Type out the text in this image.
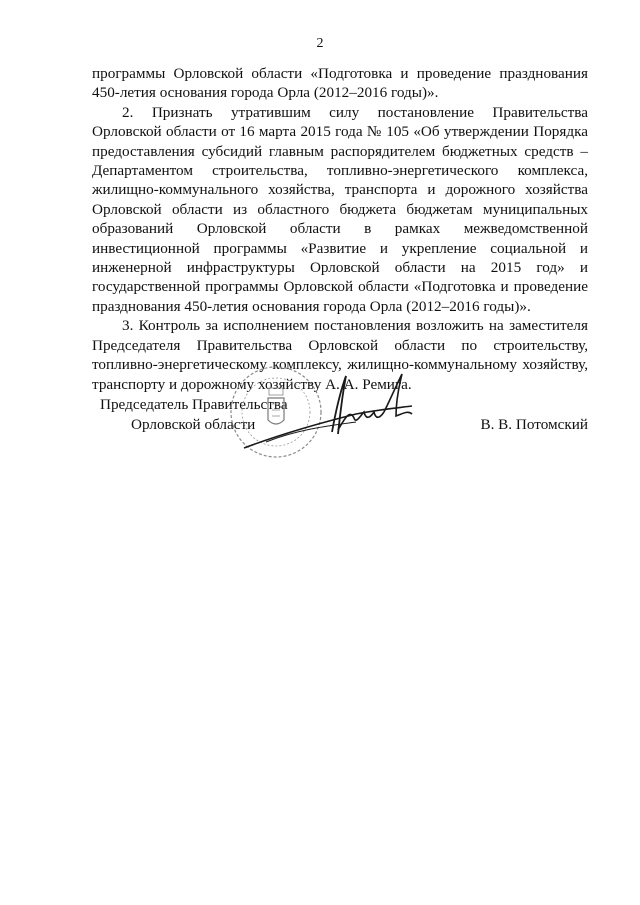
2

программы Орловской области «Подготовка и проведение празднования 450-летия основания города Орла (2012–2016 годы)».

2. Признать утратившим силу постановление Правительства Орловской области от 16 марта 2015 года № 105 «Об утверждении Порядка предоставления субсидий главным распорядителем бюджетных средств – Департаментом строительства, топливно-энергетического комплекса, жилищно-коммунального хозяйства, транспорта и дорожного хозяйства Орловской области из областного бюджета бюджетам муниципальных образований Орловской области в рамках межведомственной инвестиционной программы «Развитие и укрепление социальной и инженерной инфраструктуры Орловской области на 2015 год» и государственной программы Орловской области «Подготовка и проведение празднования 450-летия основания города Орла (2012–2016 годы)».

3. Контроль за исполнением постановления возложить на заместителя Председателя Правительства Орловской области по строительству, топливно-энергетическому комплексу, жилищно-коммунальному хозяйству, транспорту и дорожному хозяйству А. А. Ремига.

Председатель Правительства
Орловской области	В. В. Потомский
